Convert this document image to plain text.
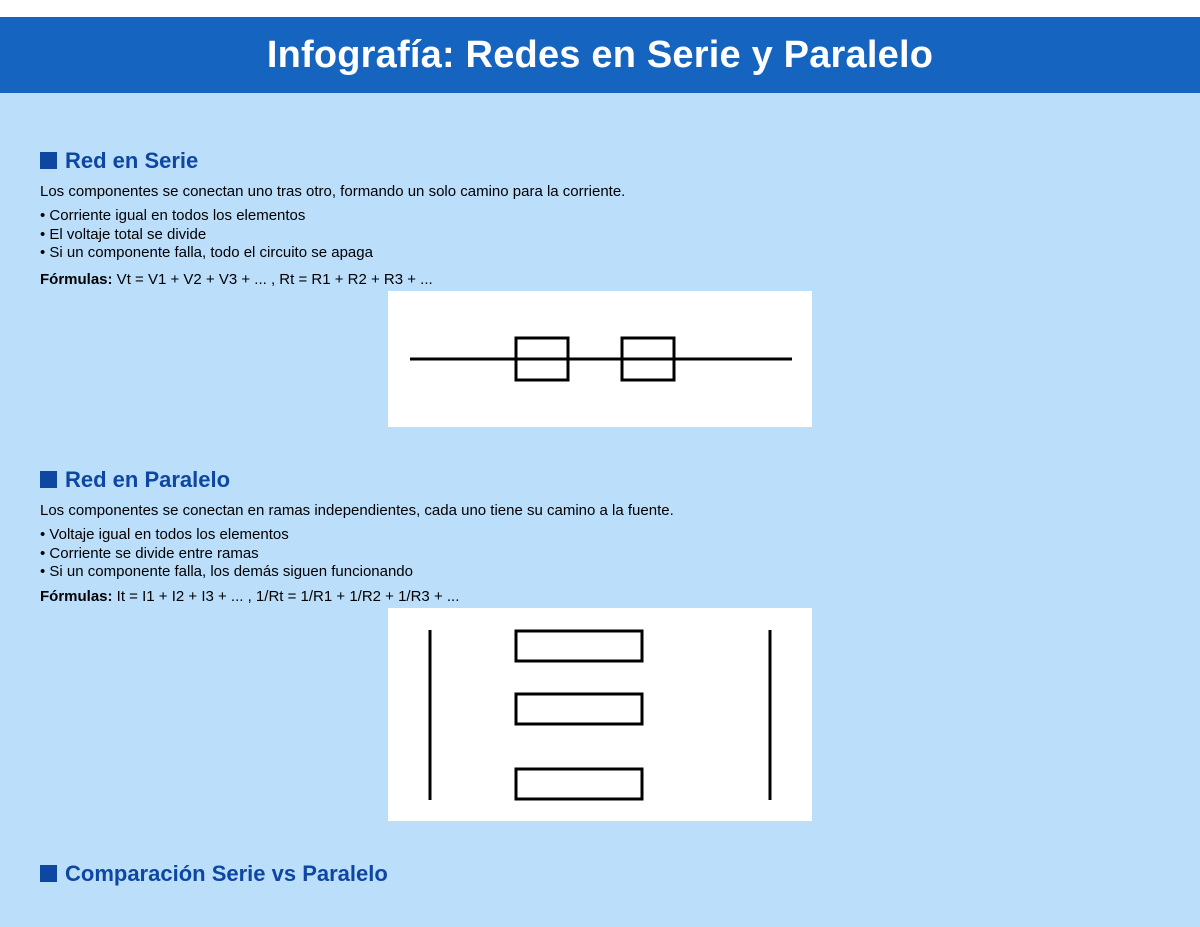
Infografía: Redes en Serie y Paralelo
Red en Serie

Los componentes se conectan uno tras otro, formando un solo camino para la corriente.

• Corriente igual en todos los elementos
• El voltaje total se divide
• Si un componente falla, todo el circuito se apaga

Fórmulas: Vt = V1 + V2 + V3 + ... , Rt = R1 + R2 + R3 + ...

Red en Paralelo

Los componentes se conectan en ramas independientes, cada uno tiene su camino a la fuente.

• Voltaje igual en todos los elementos
• Corriente se divide entre ramas
• Si un componente falla, los demás siguen funcionando

Fórmulas: It = I1 + I2 + I3 + ... , 1/Rt = 1/R1 + 1/R2 + 1/R3 + ...

Comparación Serie vs Paralelo
